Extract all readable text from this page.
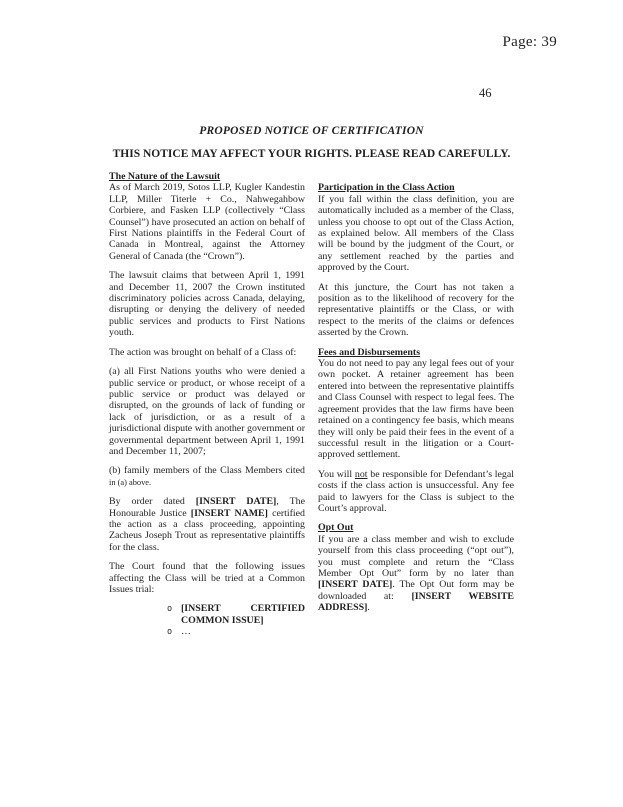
Page: 39
46
PROPOSED NOTICE OF CERTIFICATION
THIS NOTICE MAY AFFECT YOUR RIGHTS. PLEASE READ CAREFULLY.
The Nature of the Lawsuit

As of March 2019, Sotos LLP, Kugler Kandestin LLP, Miller Titerle + Co., Nahwegahbow Corbiere, and Fasken LLP (collectively “Class Counsel”) have prosecuted an action on behalf of First Nations plaintiffs in the Federal Court of Canada in Montreal, against the Attorney General of Canada (the “Crown”).

The lawsuit claims that between April 1, 1991 and December 11, 2007 the Crown instituted discriminatory policies across Canada, delaying, disrupting or denying the delivery of needed public services and products to First Nations youth.

The action was brought on behalf of a Class of:

(a) all First Nations youths who were denied a public service or product, or whose receipt of a public service or product was delayed or disrupted, on the grounds of lack of funding or lack of jurisdiction, or as a result of a jurisdictional dispute with another government or governmental department between April 1, 1991 and December 11, 2007;

(b) family members of the Class Members cited in (a) above.

By order dated [INSERT DATE], The Honourable Justice [INSERT NAME] certified the action as a class proceeding, appointing Zacheus Joseph Trout as representative plaintiffs for the class.

The Court found that the following issues affecting the Class will be tried at a Common Issues trial:

o [INSERT CERTIFIED COMMON ISSUE]
o …
Participation in the Class Action

If you fall within the class definition, you are automatically included as a member of the Class, unless you choose to opt out of the Class Action, as explained below. All members of the Class will be bound by the judgment of the Court, or any settlement reached by the parties and approved by the Court.

At this juncture, the Court has not taken a position as to the likelihood of recovery for the representative plaintiffs or the Class, or with respect to the merits of the claims or defences asserted by the Crown.

Fees and Disbursements

You do not need to pay any legal fees out of your own pocket. A retainer agreement has been entered into between the representative plaintiffs and Class Counsel with respect to legal fees. The agreement provides that the law firms have been retained on a contingency fee basis, which means they will only be paid their fees in the event of a successful result in the litigation or a Court-approved settlement.

You will not be responsible for Defendant’s legal costs if the class action is unsuccessful. Any fee paid to lawyers for the Class is subject to the Court’s approval.

Opt Out

If you are a class member and wish to exclude yourself from this class proceeding (“opt out”), you must complete and return the “Class Member Opt Out” form by no later than [INSERT DATE]. The Opt Out form may be downloaded at: [INSERT WEBSITE ADDRESS].
